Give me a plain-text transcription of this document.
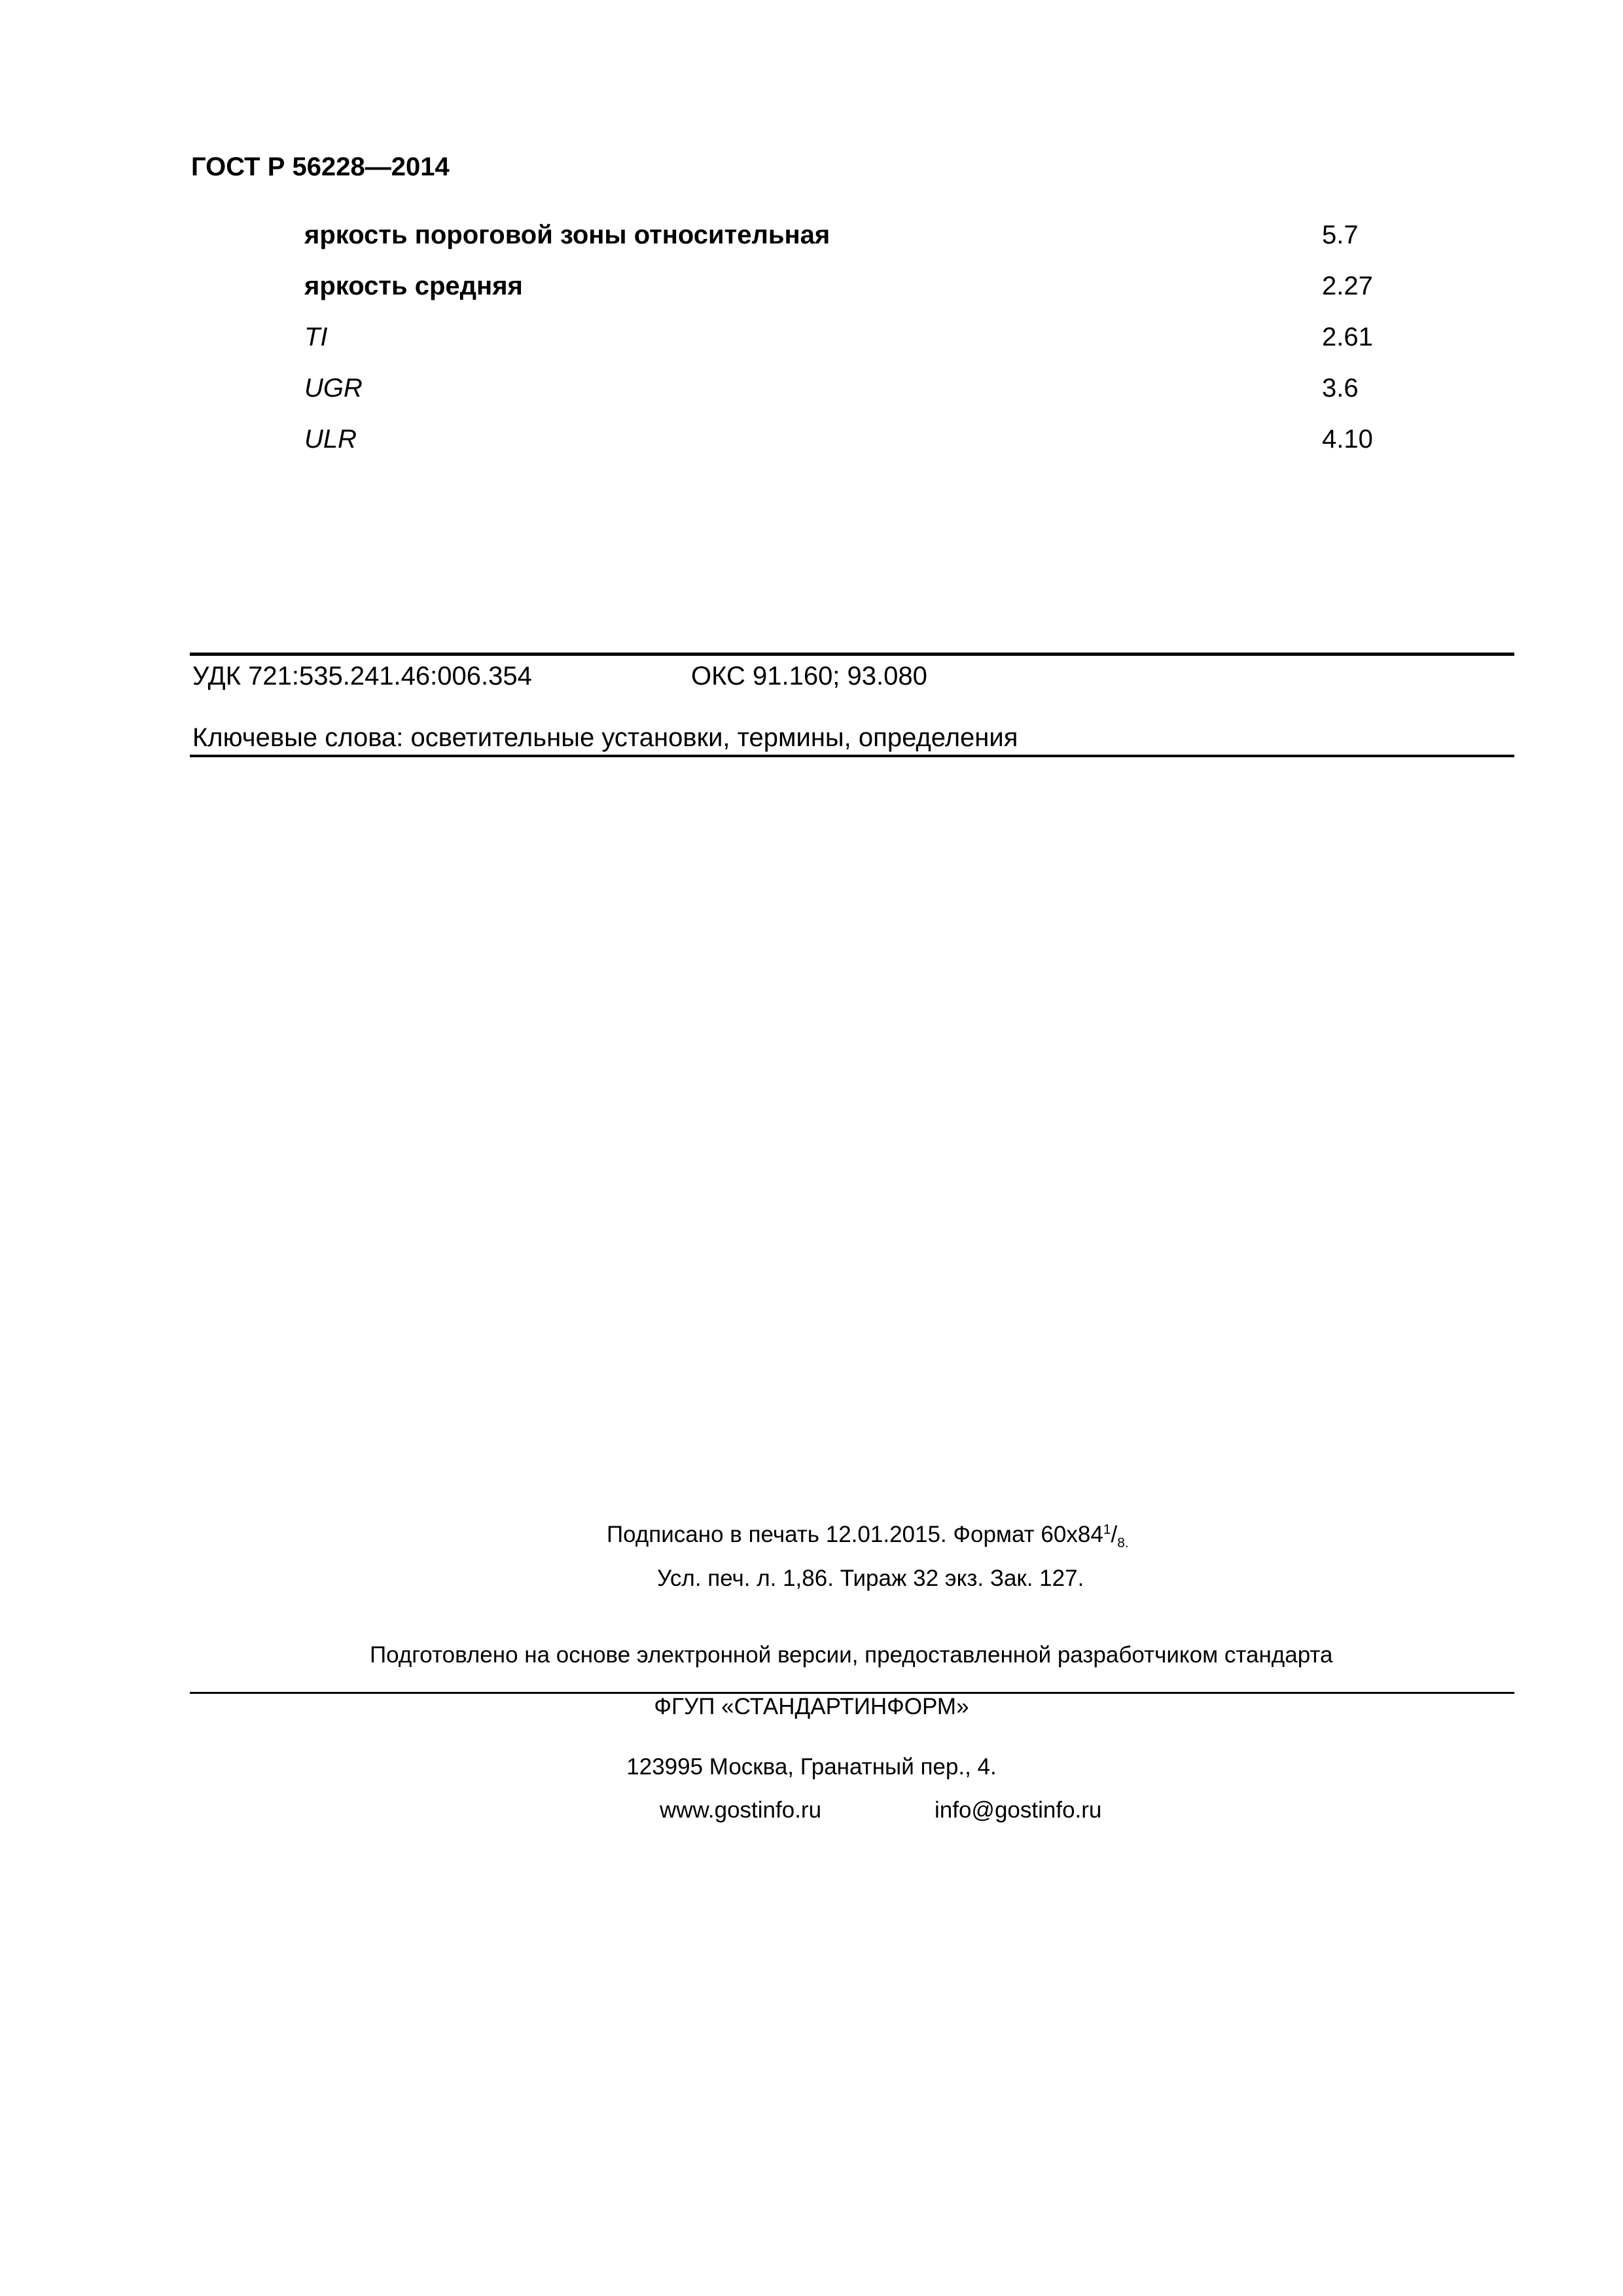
ГОСТ Р 56228—2014
яркость пороговой зоны относительная	5.7
яркость средняя	2.27
TI	2.61
UGR	3.6
ULR	4.10
УДК 721:535.241.46:006.354	ОКС 91.160; 93.080
Ключевые слова: осветительные установки, термины, определения
Подписано в печать 12.01.2015. Формат $60x84^1/_{8.}$
Усл. печ. л. 1,86. Тираж 32 экз. Зак. 127.
Подготовлено на основе электронной версии, предоставленной разработчиком стандарта
ФГУП «СТАНДАРТИНФОРМ»
123995 Москва, Гранатный пер., 4.
www.gostinfo.ru	info@gostinfo.ru
